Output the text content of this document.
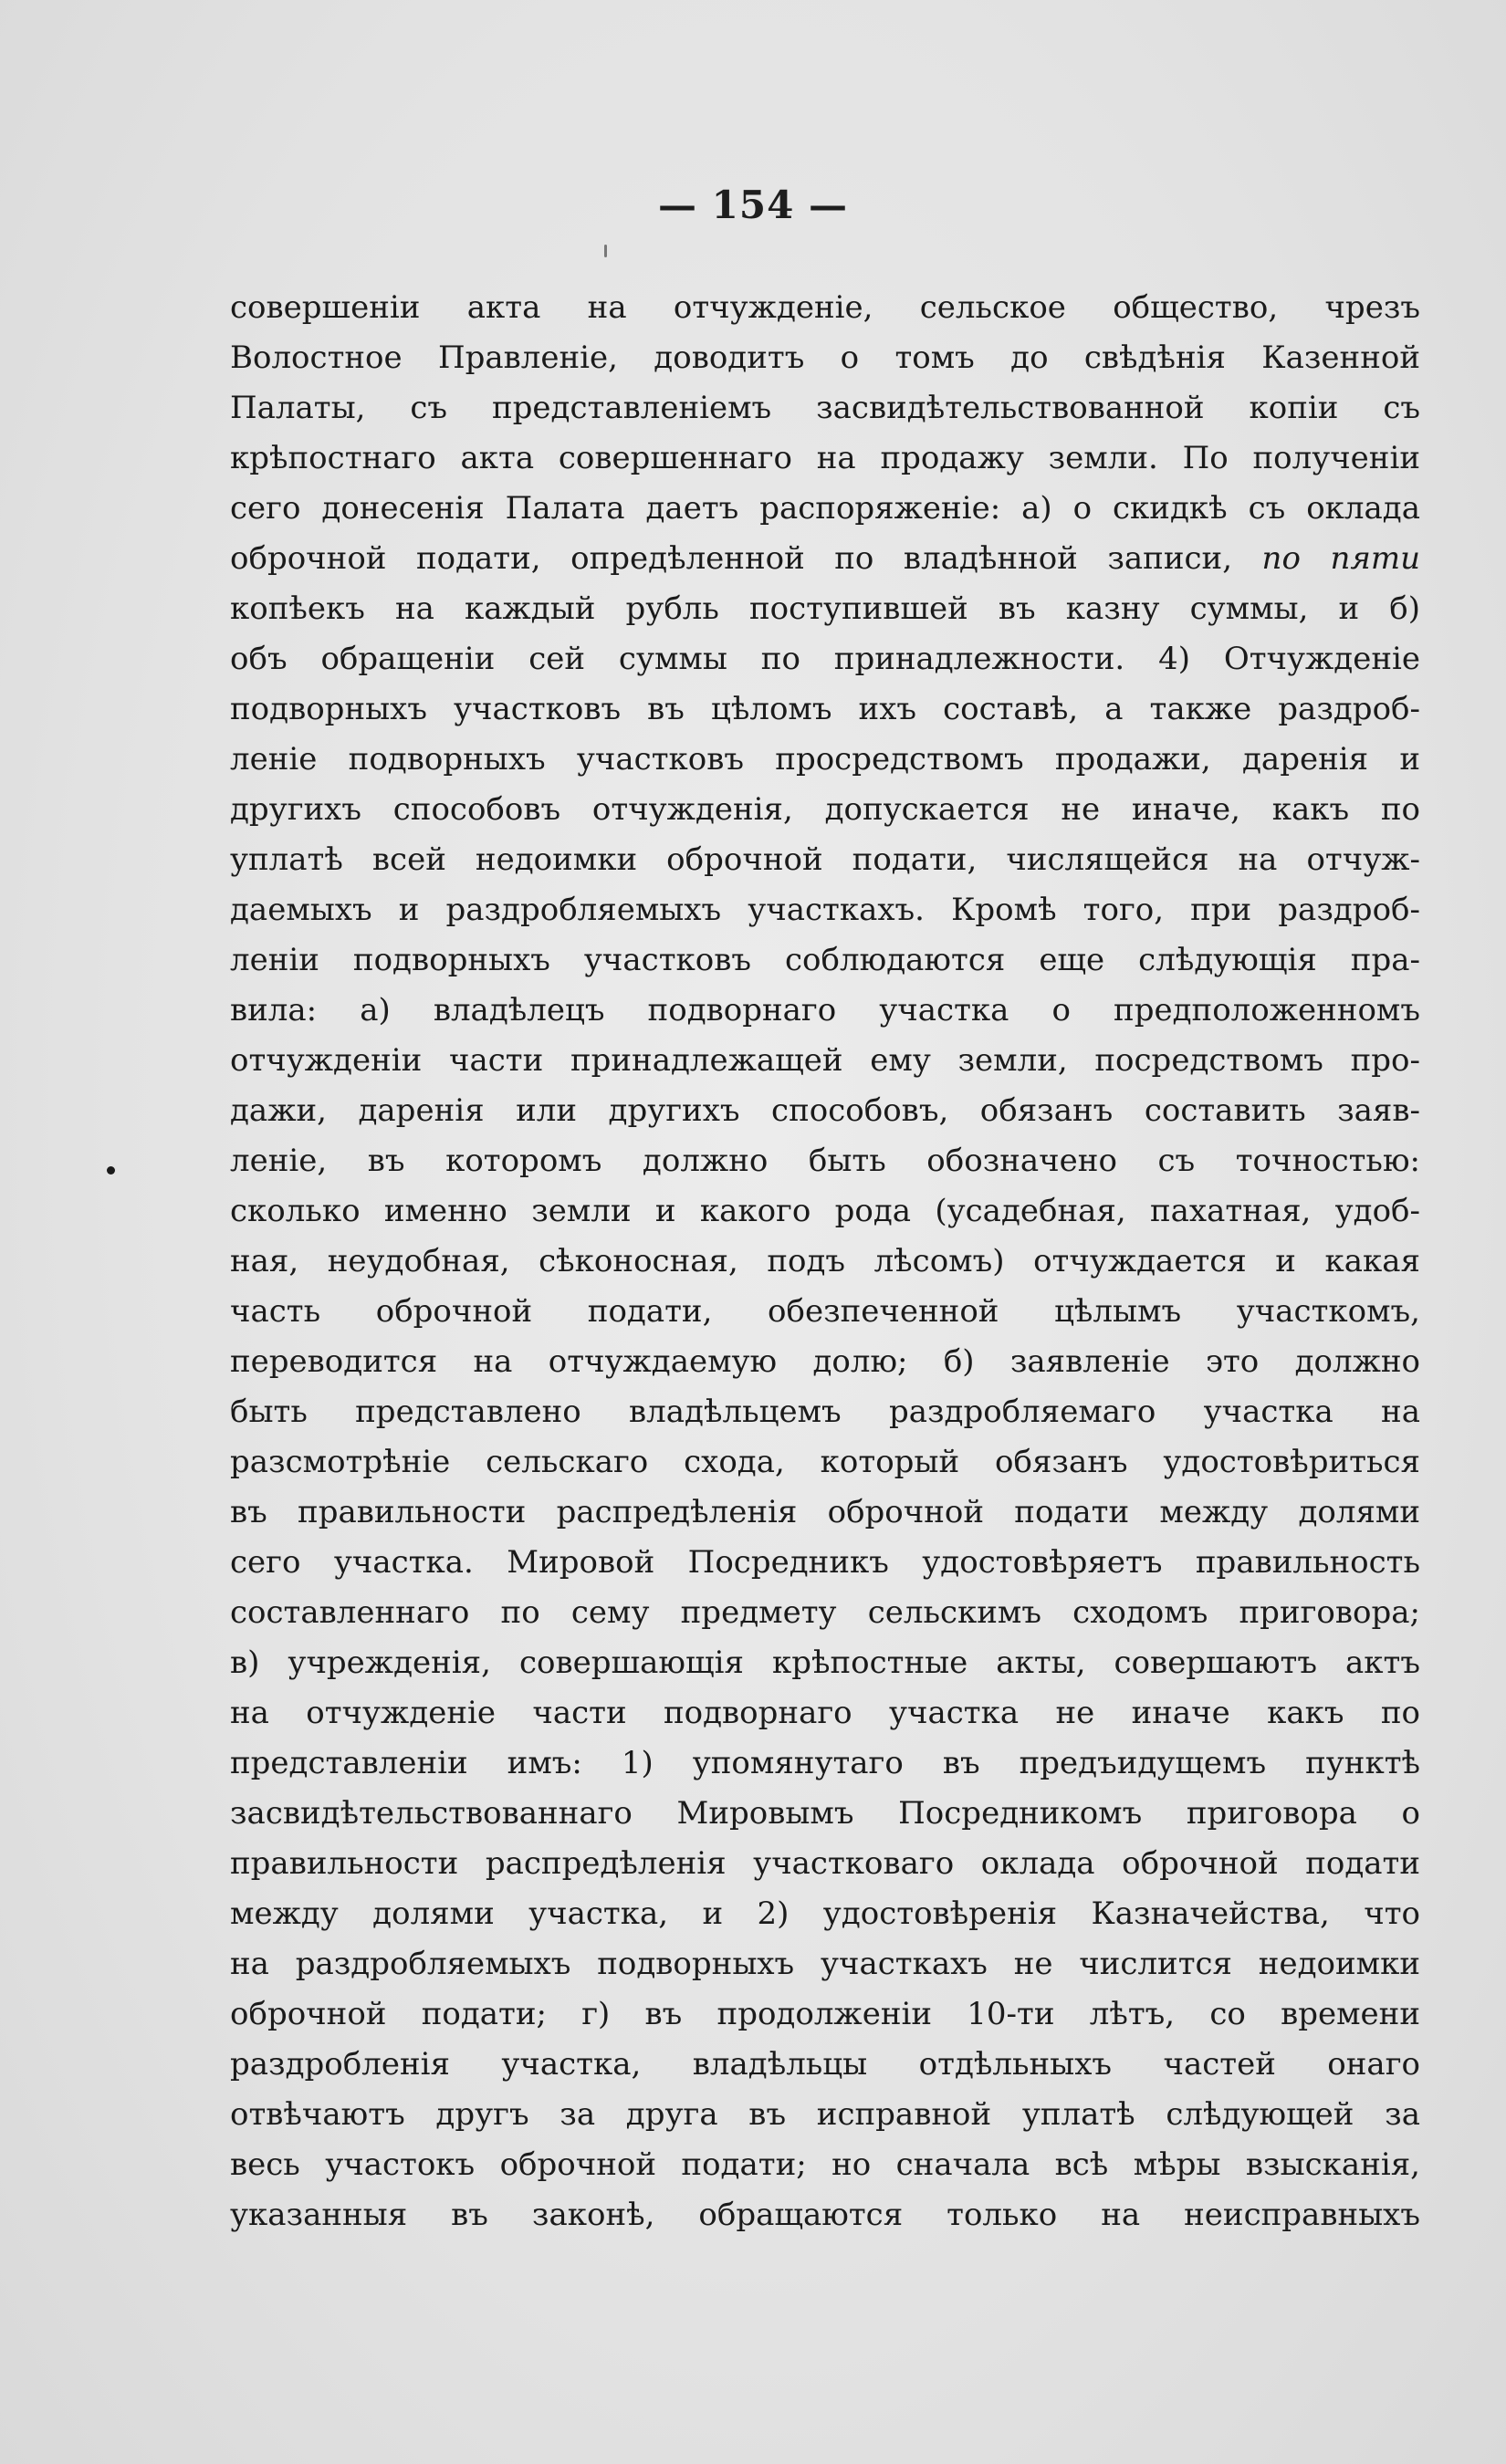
— 154 —
совершеніи акта на отчужденіе, сельское общество, чрезъ
Волостное Правленіе, доводитъ о томъ до свѣдѣнія Казенной
Палаты, съ представленіемъ засвидѣтельствованной копіи съ
крѣпостнаго акта совершеннаго на продажу земли. По полученіи
сего донесенія Палата даетъ распоряженіе: а) о скидкѣ съ оклада
оброчной подати, опредѣленной по владѣнной записи, по пяти
копѣекъ на каждый рубль поступившей въ казну суммы, и б)
объ обращеніи сей суммы по принадлежности. 4) Отчужденіе
подворныхъ участковъ въ цѣломъ ихъ составѣ, а также раздроб-
леніе подворныхъ участковъ просредствомъ продажи, даренія и
другихъ способовъ отчужденія, допускается не иначе, какъ по
уплатѣ всей недоимки оброчной подати, числящейся на отчуж-
даемыхъ и раздробляемыхъ участкахъ. Кромѣ того, при раздроб-
леніи подворныхъ участковъ соблюдаются еще слѣдующія пра-
вила: а) владѣлецъ подворнаго участка о предположенномъ
отчужденіи части принадлежащей ему земли, посредствомъ про-
дажи, даренія или другихъ способовъ, обязанъ составить заяв-
леніе, въ которомъ должно быть обозначено съ точностью:
сколько именно земли и какого рода (усадебная, пахатная, удоб-
ная, неудобная, сѣконосная, подъ лѣсомъ) отчуждается и какая
часть оброчной подати, обезпеченной цѣлымъ участкомъ,
переводится на отчуждаемую долю; б) заявленіе это должно
быть представлено владѣльцемъ раздробляемаго участка на
разсмотрѣніе сельскаго схода, который обязанъ удостовѣриться
въ правильности распредѣленія оброчной подати между долями
сего участка. Мировой Посредникъ удостовѣряетъ правильность
составленнаго по сему предмету сельскимъ сходомъ приговора;
в) учрежденія, совершающія крѣпостные акты, совершаютъ актъ
на отчужденіе части подворнаго участка не иначе какъ по
представленіи имъ: 1) упомянутаго въ предъидущемъ пунктѣ
засвидѣтельствованнаго Мировымъ Посредникомъ приговора о
правильности распредѣленія участковаго оклада оброчной подати
между долями участка, и 2) удостовѣренія Казначейства, что
на раздробляемыхъ подворныхъ участкахъ не числится недоимки
оброчной подати; г) въ продолженіи 10-ти лѣтъ, со времени
раздробленія участка, владѣльцы отдѣльныхъ частей онаго
отвѣчаютъ другъ за друга въ исправной уплатѣ слѣдующей за
весь участокъ оброчной подати; но сначала всѣ мѣры взысканія,
указанныя въ законѣ, обращаются только на неисправныхъ
